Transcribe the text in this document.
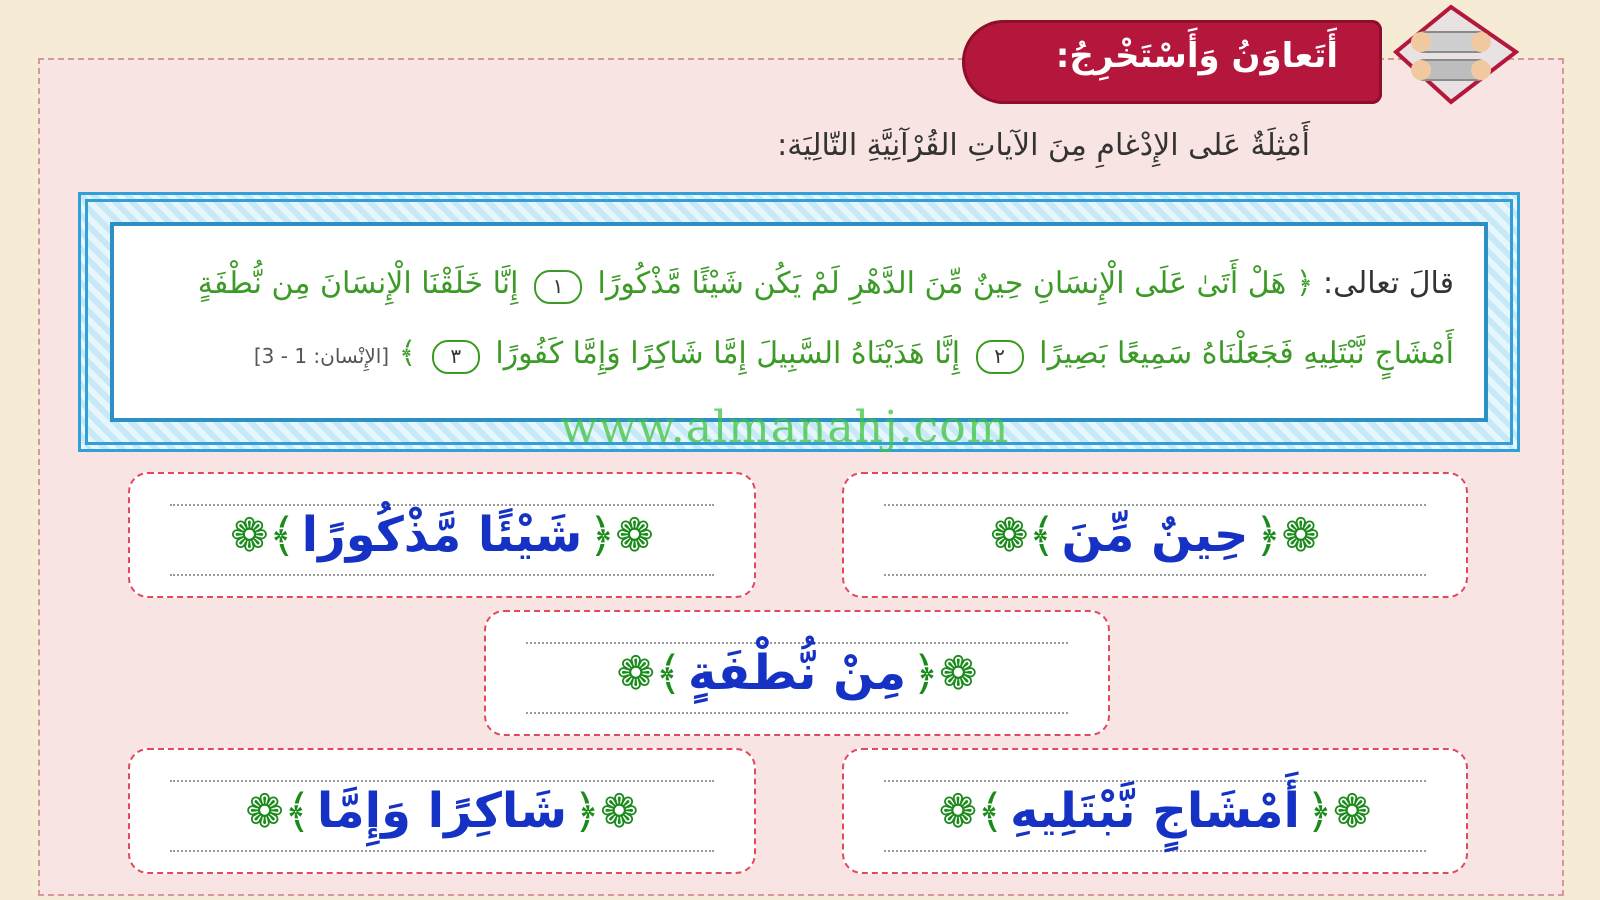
أَتَعاوَنُ وَأَسْتَخْرِجُ:
أَمْثِلَةٌ عَلى الإِدْغامِ مِنَ الآياتِ القُرْآنِيَّةِ التّالِيَة:
قالَ تعالى: ﴿ هَلْ أَتَىٰ عَلَى الْإِنسَانِ حِينٌ مِّنَ الدَّهْرِ لَمْ يَكُن شَيْئًا مَّذْكُورًا ١ إِنَّا خَلَقْنَا الْإِنسَانَ مِن نُّطْفَةٍ
أَمْشَاجٍ نَّبْتَلِيهِ فَجَعَلْنَاهُ سَمِيعًا بَصِيرًا ٢ إِنَّا هَدَيْنَاهُ السَّبِيلَ إِمَّا شَاكِرًا وَإِمَّا كَفُورًا ٣ ﴾ [الإِنْسان: 1 - 3]
www.almanahj.com
❁﴿حِينٌ مِّنَ﴾❁
❁﴿شَيْئًا مَّذْكُورًا﴾❁
❁﴿مِنْ نُّطْفَةٍ﴾❁
❁﴿أَمْشَاجٍ نَّبْتَلِيهِ﴾❁
❁﴿شَاكِرًا وَإِمَّا﴾❁
